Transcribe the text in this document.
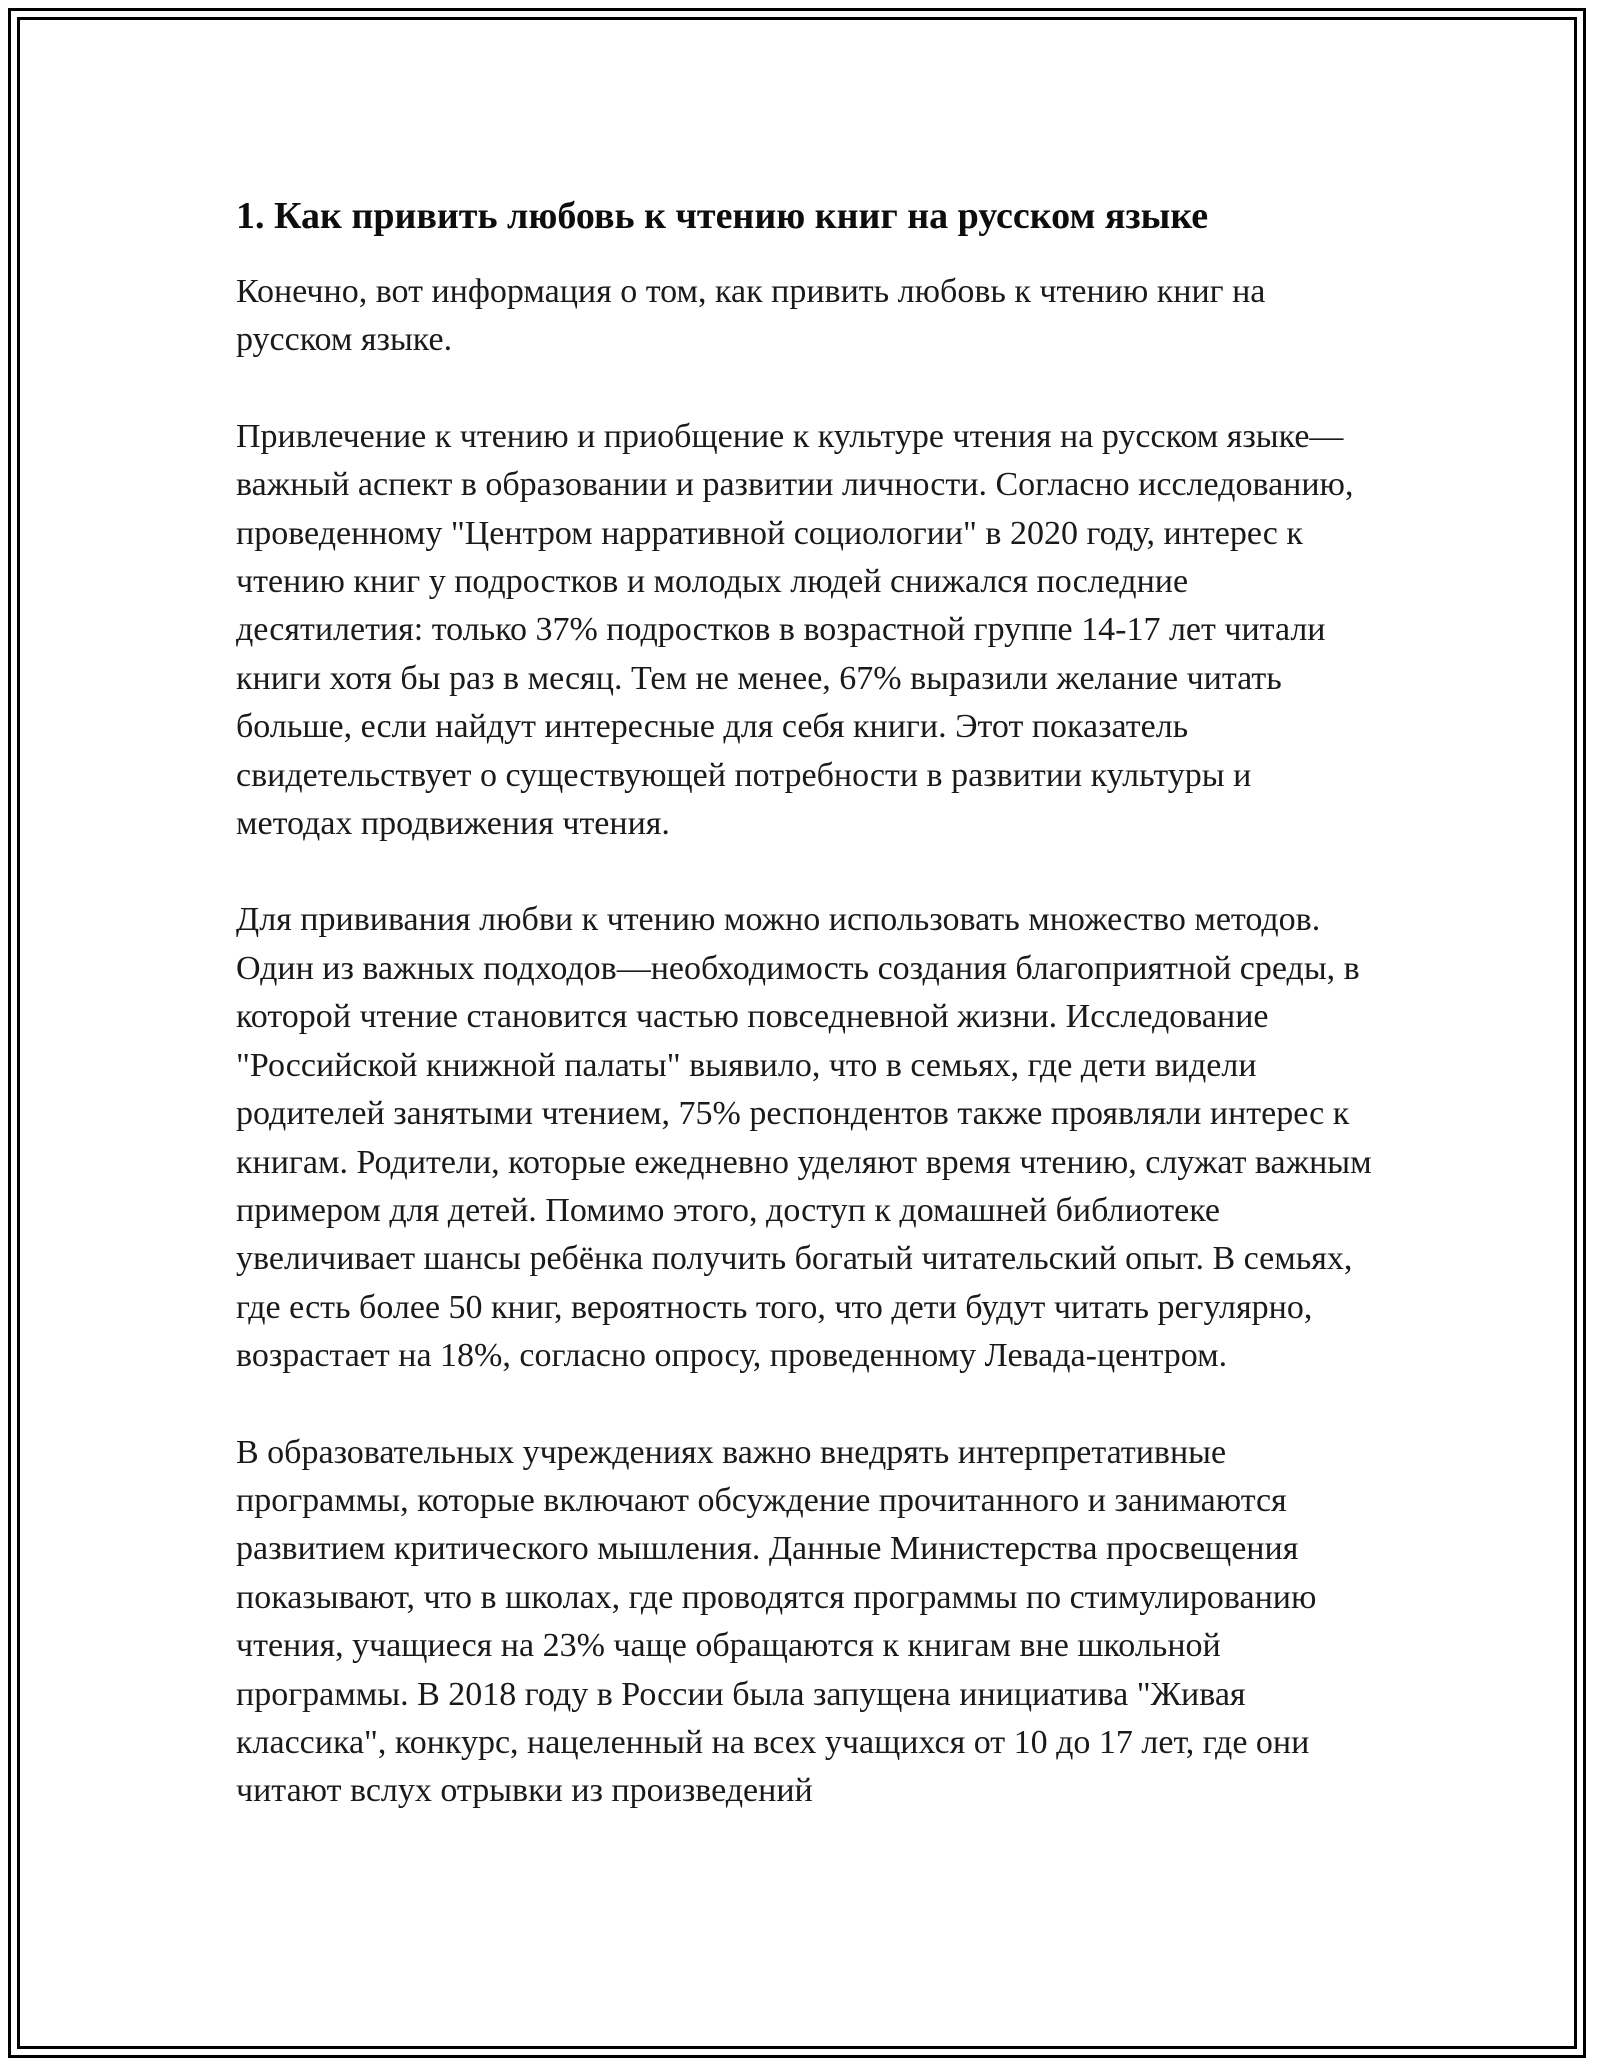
1. Как привить любовь к чтению книг на русском языке

Конечно, вот информация о том, как привить любовь к чтению книг на русском языке.

Привлечение к чтению и приобщение к культуре чтения на русском языке—важный аспект в образовании и развитии личности. Согласно исследованию, проведенному "Центром нарративной социологии" в 2020 году, интерес к чтению книг у подростков и молодых людей снижался последние десятилетия: только 37% подростков в возрастной группе 14-17 лет читали книги хотя бы раз в месяц. Тем не менее, 67% выразили желание читать больше, если найдут интересные для себя книги. Этот показатель свидетельствует о существующей потребности в развитии культуры и методах продвижения чтения.

Для прививания любви к чтению можно использовать множество методов. Один из важных подходов—необходимость создания благоприятной среды, в которой чтение становится частью повседневной жизни. Исследование "Российской книжной палаты" выявило, что в семьях, где дети видели родителей занятыми чтением, 75% респондентов также проявляли интерес к книгам. Родители, которые ежедневно уделяют время чтению, служат важным примером для детей. Помимо этого, доступ к домашней библиотеке увеличивает шансы ребёнка получить богатый читательский опыт. В семьях, где есть более 50 книг, вероятность того, что дети будут читать регулярно, возрастает на 18%, согласно опросу, проведенному Левада-центром.

В образовательных учреждениях важно внедрять интерпретативные программы, которые включают обсуждение прочитанного и занимаются развитием критического мышления. Данные Министерства просвещения показывают, что в школах, где проводятся программы по стимулированию чтения, учащиеся на 23% чаще обращаются к книгам вне школьной программы. В 2018 году в России была запущена инициатива "Живая классика", конкурс, нацеленный на всех учащихся от 10 до 17 лет, где они читают вслух отрывки из произведений
